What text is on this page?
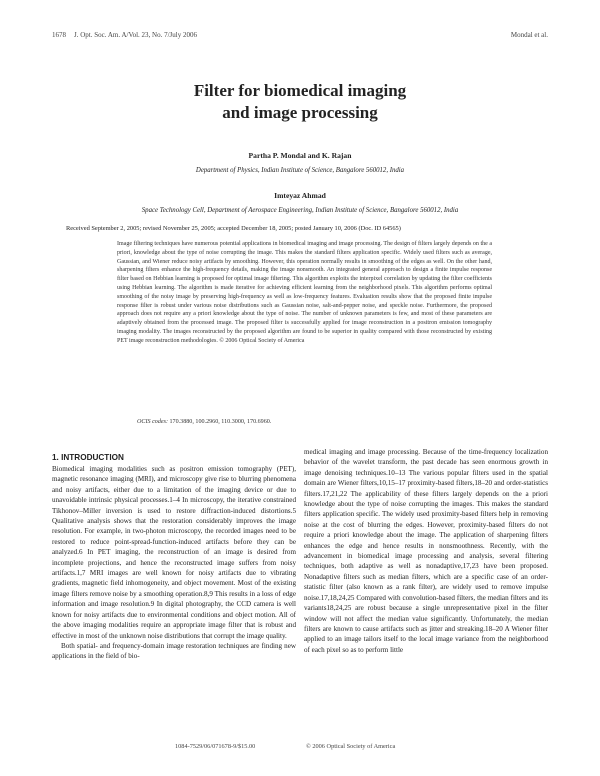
1678 J. Opt. Soc. Am. A/Vol. 23, No. 7/July 2006	Mondal et al.
Filter for biomedical imaging
and image processing
Partha P. Mondal and K. Rajan
Department of Physics, Indian Institute of Science, Bangalore 560012, India
Imteyaz Ahmad
Space Technology Cell, Department of Aerospace Engineering, Indian Institute of Science, Bangalore 560012, India
Received September 2, 2005; revised November 25, 2005; accepted December 18, 2005; posted January 10, 2006 (Doc. ID 64565)

Image filtering techniques have numerous potential applications in biomedical imaging and image processing. The design of filters largely depends on the a priori, knowledge about the type of noise corrupting the image. This makes the standard filters application specific. Widely used filters such as average, Gaussian, and Wiener reduce noisy artifacts by smoothing. However, this operation normally results in smoothing of the edges as well. On the other hand, sharpening filters enhance the high-frequency details, making the image nonsmooth. An integrated general approach to design a finite impulse response filter based on Hebbian learning is proposed for optimal image filtering. This algorithm exploits the interpixel correlation by updating the filter coefficients using Hebbian learning. The algorithm is made iterative for achieving efficient learning from the neighborhood pixels. This algorithm performs optimal smoothing of the noisy image by preserving high-frequency as well as low-frequency features. Evaluation results show that the proposed finite impulse response filter is robust under various noise distributions such as Gaussian noise, salt-and-pepper noise, and speckle noise. Furthermore, the proposed approach does not require any a priori knowledge about the type of noise. The number of unknown parameters is few, and most of these parameters are adaptively obtained from the processed image. The proposed filter is successfully applied for image reconstruction in a positron emission tomography imaging modality. The images reconstructed by the proposed algorithm are found to be superior in quality compared with those reconstructed by existing PET image reconstruction methodologies. © 2006 Optical Society of America

OCIS codes: 170.3880, 100.2960, 110.3000, 170.6960.
1. INTRODUCTION

Biomedical imaging modalities such as positron emission tomography (PET), magnetic resonance imaging (MRI), and microscopy give rise to blurring phenomena and noisy artifacts, either due to a limitation of the imaging device or due to unavoidable intrinsic physical processes.1–4 In microscopy, the iterative constrained Tikhonov–Miller inversion is used to restore diffraction-induced distortions.5 Qualitative analysis shows that the restoration considerably improves the image resolution. For example, in two-photon microscopy, the recorded images need to be restored to reduce point-spread-function-induced artifacts before they can be analyzed.6 In PET imaging, the reconstruction of an image is desired from incomplete projections, and hence the reconstructed image suffers from noisy artifacts.1,7 MRI images are well known for noisy artifacts due to vibrating gradients, magnetic field inhomogeneity, and object movement. Most of the existing image filters remove noise by a smoothing operation.8,9 This results in a loss of edge information and image resolution.9 In digital photography, the CCD camera is well known for noisy artifacts due to environmental conditions and object motion. All of the above imaging modalities require an appropriate image filter that is robust and effective in most of the unknown noise distributions that corrupt the image quality.

Both spatial- and frequency-domain image restoration techniques are finding new applications in the field of bio-

medical imaging and image processing. Because of the time-frequency localization behavior of the wavelet transform, the past decade has seen enormous growth in image denoising techniques.10–13 The various popular filters used in the spatial domain are Wiener filters,10,15–17 proximity-based filters,18–20 and order-statistics filters.17,21,22 The applicability of these filters largely depends on the a priori knowledge about the type of noise corrupting the images. This makes the standard filters application specific. The widely used proximity-based filters help in removing noise at the cost of blurring the edges. However, proximity-based filters do not require a priori knowledge about the image. The application of sharpening filters enhances the edge and hence results in nonsmoothness. Recently, with the advancement in biomedical image processing and analysis, several filtering techniques, both adaptive as well as nonadaptive,17,23 have been proposed. Nonadaptive filters such as median filters, which are a specific case of an order-statistic filter (also known as a rank filter), are widely used to remove impulse noise.17,18,24,25 Compared with convolution-based filters, the median filters and its variants18,24,25 are robust because a single unrepresentative pixel in the filter window will not affect the median value significantly. Unfortunately, the median filters are known to cause artifacts such as jitter and streaking.18–20 A Wiener filter applied to an image tailors itself to the local image variance from the neighborhood of each pixel so as to perform little

1084-7529/06/071678-9/$15.00	© 2006 Optical Society of America
